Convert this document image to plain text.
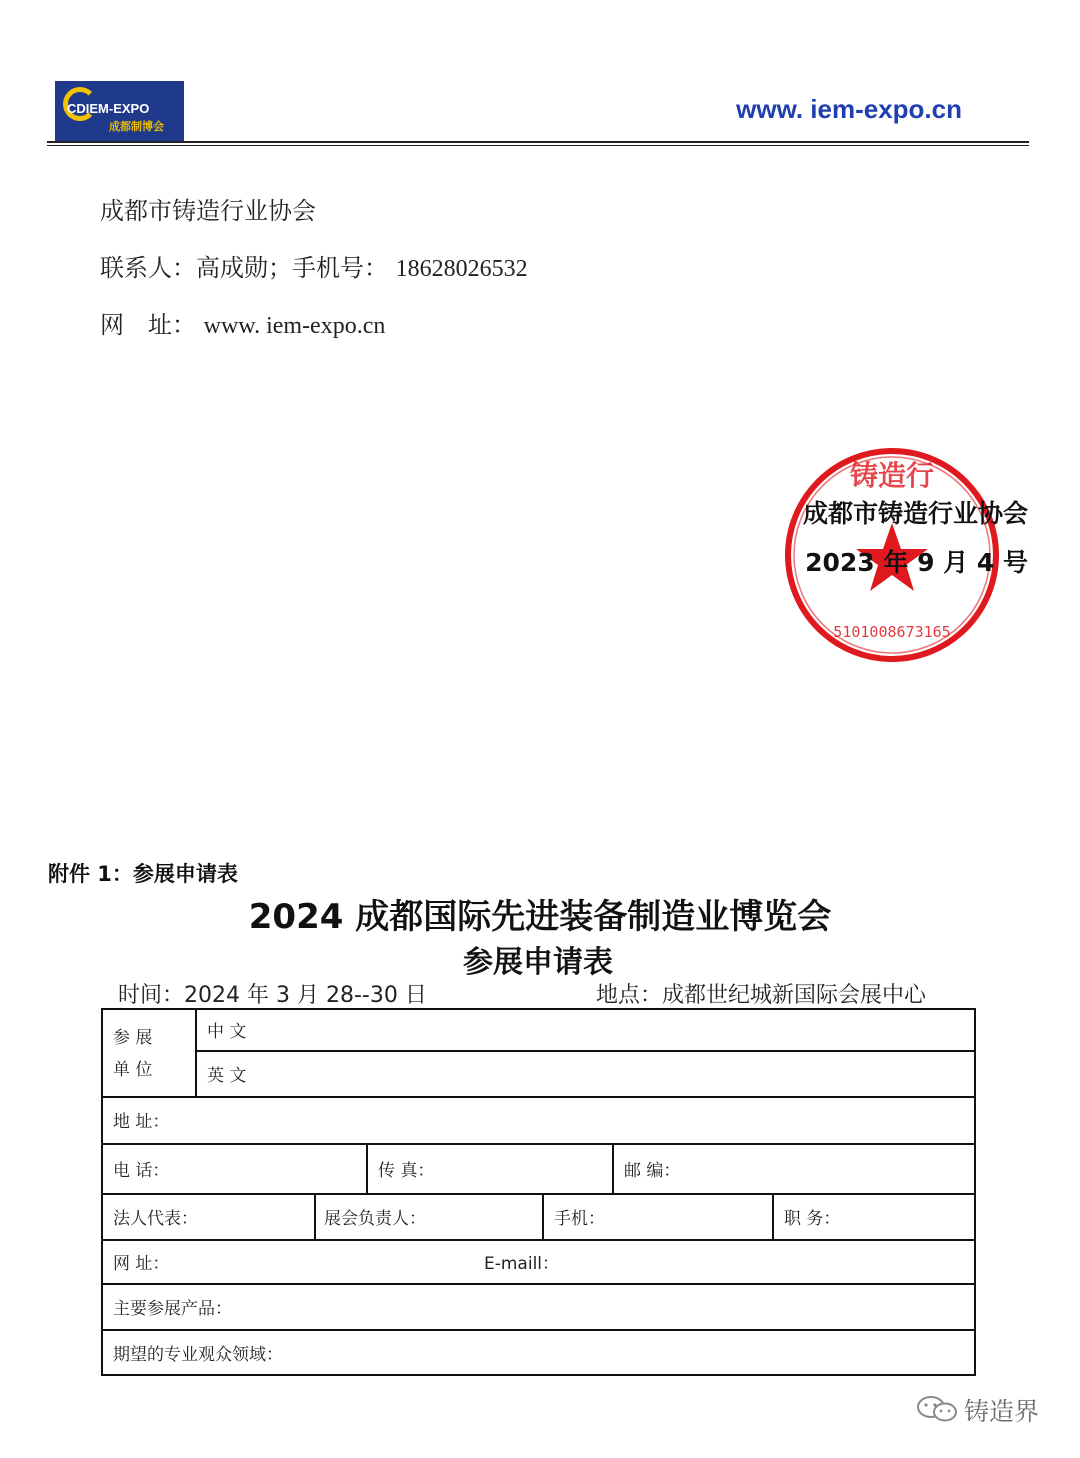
CDIEM-EXPO
成都制博会
www. iem-expo.cn
成都市铸造行业协会
联系人：高成勋；手机号： 18628026532
网　址： www. iem-expo.cn
铸造行
5101008673165
成都市铸造行业协会
2023 年 9 月 4 号
附件 1：参展申请表
2024 成都国际先进装备制造业博览会
参展申请表
时间：2024 年 3 月 28--30 日	地点：成都世纪城新国际会展中心
参 展
单 位
中 文
英 文
地 址：
电 话：	传 真：	邮 编：
法人代表：	展会负责人：	手机：	职 务：
网 址：	E-maill：
主要参展产品：
期望的专业观众领域：
铸造界
